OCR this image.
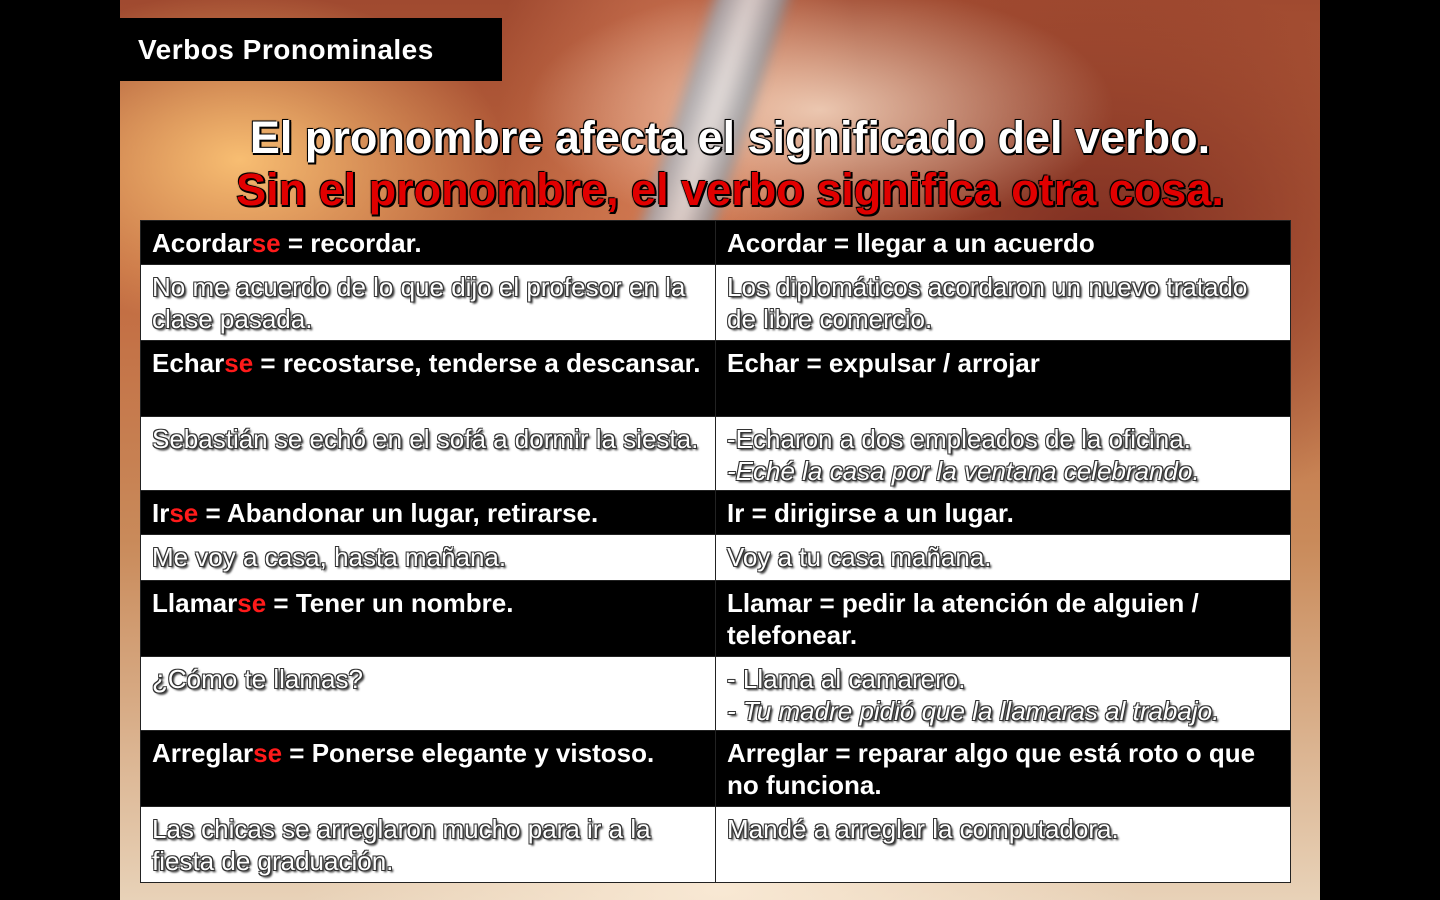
Verbos Pronominales
El pronombre afecta el significado del verbo.
Sin el pronombre, el verbo significa otra cosa.
Acordarse = recordar.	Acordar = llegar a un acuerdo
No me acuerdo de lo que dijo el profesor en la clase pasada.	Los diplomáticos acordaron un nuevo tratado de libre comercio.

Echarse = recostarse, tenderse a descansar.	Echar = expulsar / arrojar
Sebastián se echó en el sofá a dormir la siesta.	-Echaron a dos empleados de la oficina.
-Eché la casa por la ventana celebrando.

Irse = Abandonar un lugar, retirarse.	Ir = dirigirse a un lugar.
Me voy a casa, hasta mañana.	Voy a tu casa mañana.

Llamarse = Tener un nombre.	Llamar = pedir la atención de alguien / telefonear.
¿Cómo te llamas?	- Llama al camarero.
- Tu madre pidió que la llamaras al trabajo.

Arreglarse = Ponerse elegante y vistoso.	Arreglar = reparar algo que está roto o que no funciona.
Las chicas se arreglaron mucho para ir a la fiesta de graduación.	Mandé a arreglar la computadora.
